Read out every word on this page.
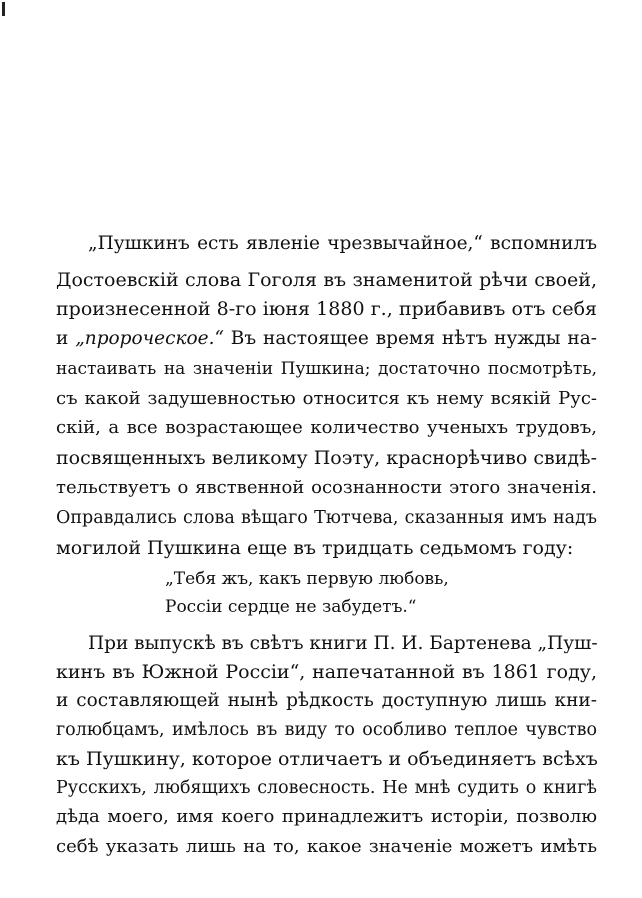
„Пушкинъ есть явленіе чрезвычайное,“ вспомнилъ
Достоевскій слова Гоголя въ знаменитой рѣчи своей,
произнесенной 8-го іюня 1880 г., прибавивъ отъ себя
и „пророческое.“ Въ настоящее время нѣтъ нужды на-
настаивать на значеніи Пушкина; достаточно посмотрѣть,
съ какой задушевностью относится къ нему всякій Рус-
скій, а все возрастающее количество ученыхъ трудовъ,
посвященныхъ великому Поэту, краснорѣчиво свидѣ-
тельствуетъ о явственной осознанности этого значенія.
Оправдались слова вѣщаго Тютчева, сказанныя имъ надъ
могилой Пушкина еще въ тридцать седьмомъ году:
„Тебя жъ, какъ первую любовь,
Россіи сердце не забудетъ.“
При выпускѣ въ свѣтъ книги П. И. Бартенева „Пуш-
кинъ въ Южной Россіи“, напечатанной въ 1861 году,
и составляющей нынѣ рѣдкость доступную лишь кни-
голюбцамъ, имѣлось въ виду то особливо теплое чувство
къ Пушкину, которое отличаетъ и объединяетъ всѣхъ
Русскихъ, любящихъ словесность. Не мнѣ судить о книгѣ
дѣда моего, имя коего принадлежитъ исторіи, позволю
себѣ указать лишь на то, какое значеніе можетъ имѣть
